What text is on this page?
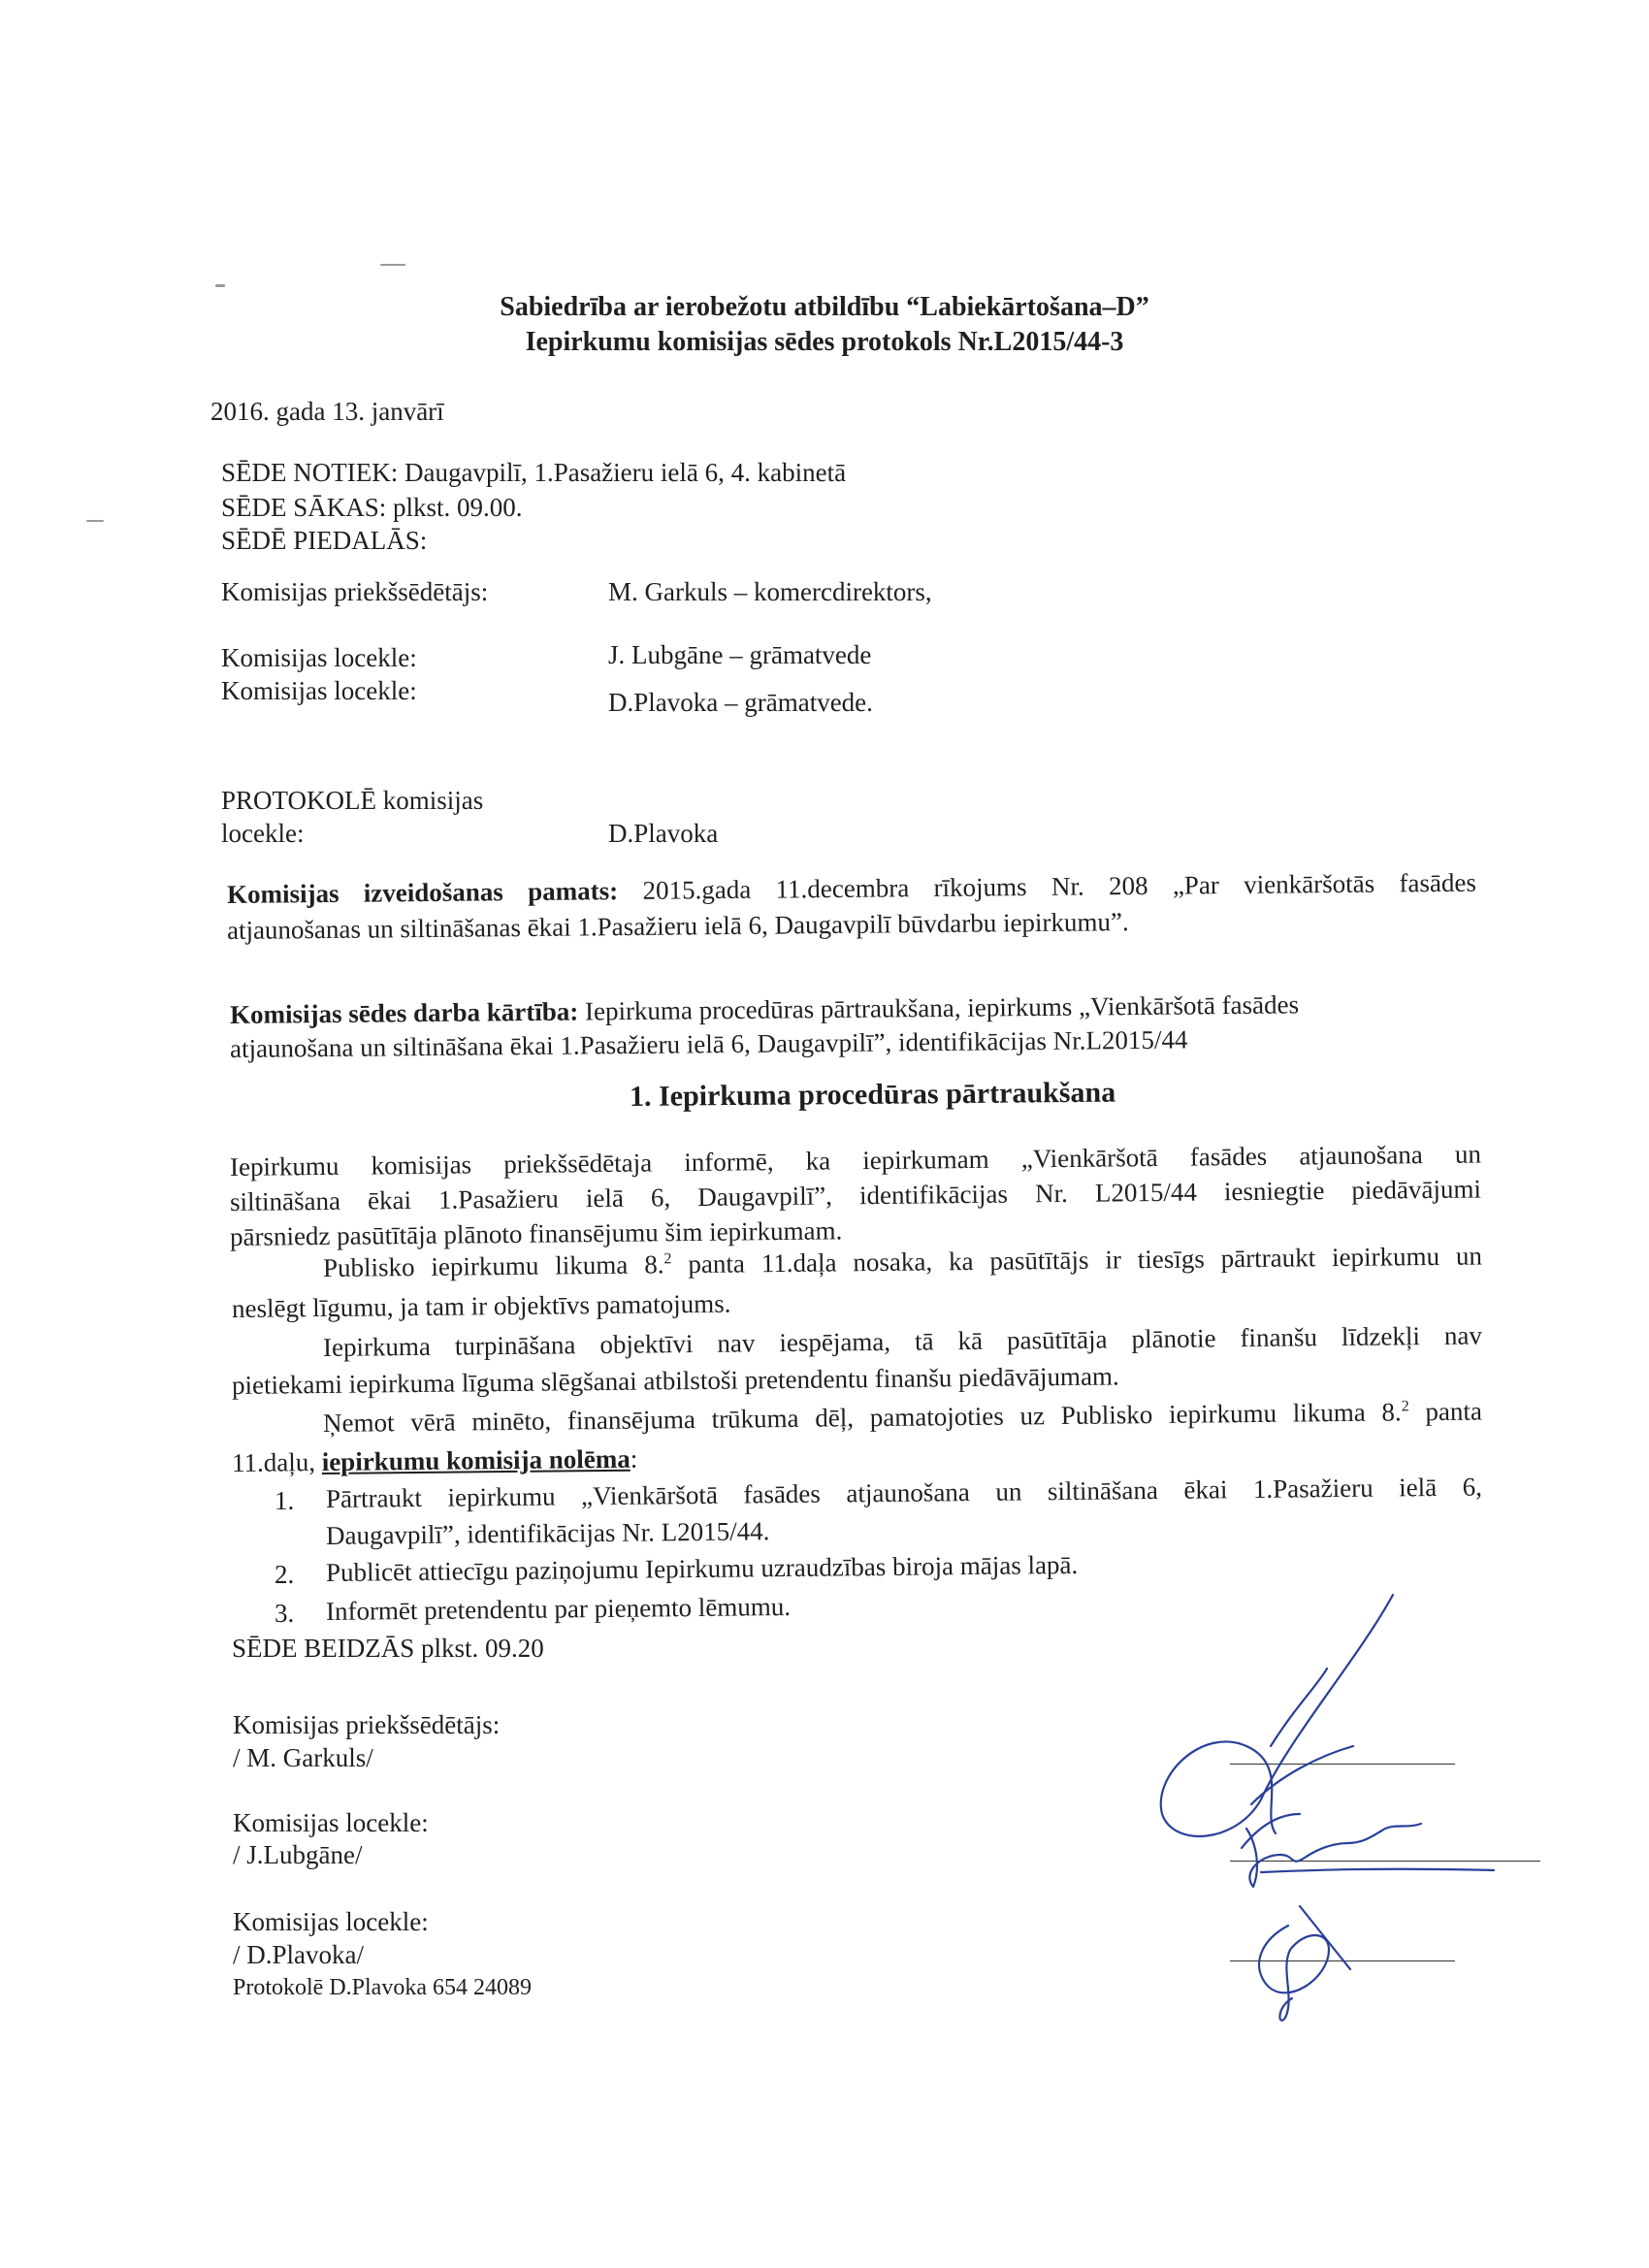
Sabiedrība ar ierobežotu atbildību “Labiekārtošana–D”
Iepirkumu komisijas sēdes protokols Nr.L2015/44-3
2016. gada 13. janvārī
SĒDE NOTIEK: Daugavpilī, 1.Pasažieru ielā 6, 4. kabinetā
SĒDE SĀKAS: plkst. 09.00.
SĒDĒ PIEDALĀS:
Komisijas priekšsēdētājs:	M. Garkuls – komercdirektors,
Komisijas locekle:	J. Lubgāne – grāmatvede
Komisijas locekle:	D.Plavoka – grāmatvede.
PROTOKOLĒ komisijas
locekle:	D.Plavoka
Komisijas izveidošanas pamats: 2015.gada 11.decembra rīkojums Nr. 208 „Par vienkāršotās fasādes
atjaunošanas un siltināšanas ēkai 1.Pasažieru ielā 6, Daugavpilī būvdarbu iepirkumu”.
Komisijas sēdes darba kārtība: Iepirkuma procedūras pārtraukšana, iepirkums „Vienkāršotā fasādes
atjaunošana un siltināšana ēkai 1.Pasažieru ielā 6, Daugavpilī”, identifikācijas Nr.L2015/44
1. Iepirkuma procedūras pārtraukšana
Iepirkumu komisijas priekšsēdētaja informē, ka iepirkumam „Vienkāršotā fasādes atjaunošana un
siltināšana ēkai 1.Pasažieru ielā 6, Daugavpilī”, identifikācijas Nr. L2015/44 iesniegtie piedāvājumi
pārsniedz pasūtītāja plānoto finansējumu šim iepirkumam.
Publisko iepirkumu likuma 8.$^2$ panta 11.daļa nosaka, ka pasūtītājs ir tiesīgs pārtraukt iepirkumu un
neslēgt līgumu, ja tam ir objektīvs pamatojums.
Iepirkuma turpināšana objektīvi nav iespējama, tā kā pasūtītāja plānotie finanšu līdzekļi nav
pietiekami iepirkuma līguma slēgšanai atbilstoši pretendentu finanšu piedāvājumam.
Ņemot vērā minēto, finansējuma trūkuma dēļ, pamatojoties uz Publisko iepirkumu likuma 8.$^2$ panta
11.daļu, iepirkumu komisija nolēma:
1. Pārtraukt iepirkumu „Vienkāršotā fasādes atjaunošana un siltināšana ēkai 1.Pasažieru ielā 6,
Daugavpilī”, identifikācijas Nr. L2015/44.
2. Publicēt attiecīgu paziņojumu Iepirkumu uzraudzības biroja mājas lapā.
3. Informēt pretendentu par pieņemto lēmumu.
SĒDE BEIDZĀS plkst. 09.20
Komisijas priekšsēdētājs:
/ M. Garkuls/
Komisijas locekle:
/ J.Lubgāne/
Komisijas locekle:
/ D.Plavoka/
Protokolē D.Plavoka 654 24089
